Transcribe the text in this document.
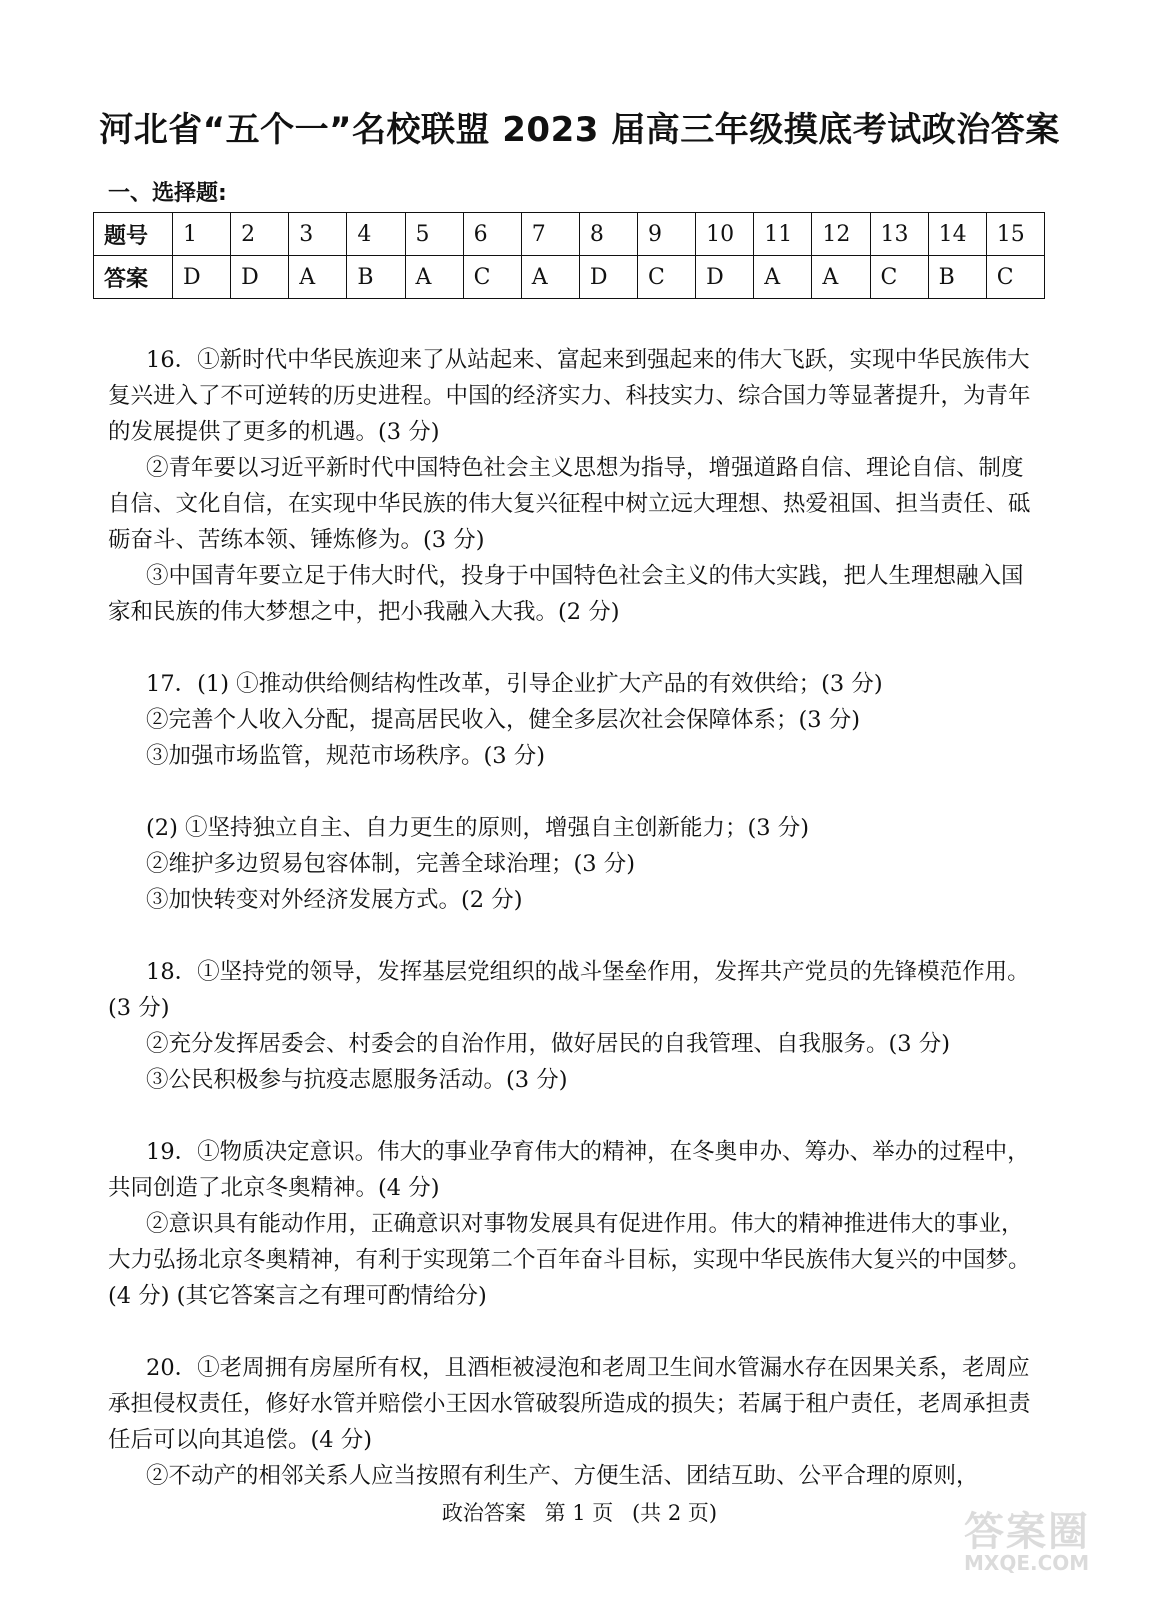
河北省“五个一”名校联盟 2023 届高三年级摸底考试政治答案
一、选择题:
题号	1	2	3	4	5	6	7	8	9	10	11	12	13	14	15
答案	D	D	A	B	A	C	A	D	C	D	A	A	C	B	C

16．①新时代中华民族迎来了从站起来、富起来到强起来的伟大飞跃，实现中华民族伟大复兴进入了不可逆转的历史进程。中国的经济实力、科技实力、综合国力等显著提升，为青年的发展提供了更多的机遇。(3 分)

②青年要以习近平新时代中国特色社会主义思想为指导，增强道路自信、理论自信、制度自信、文化自信，在实现中华民族的伟大复兴征程中树立远大理想、热爱祖国、担当责任、砥砺奋斗、苦练本领、锤炼修为。(3 分)

③中国青年要立足于伟大时代，投身于中国特色社会主义的伟大实践，把人生理想融入国家和民族的伟大梦想之中，把小我融入大我。(2 分)

17．(1) ①推动供给侧结构性改革，引导企业扩大产品的有效供给；(3 分)

②完善个人收入分配，提高居民收入，健全多层次社会保障体系；(3 分)

③加强市场监管，规范市场秩序。(3 分)

(2) ①坚持独立自主、自力更生的原则，增强自主创新能力；(3 分)

②维护多边贸易包容体制，完善全球治理；(3 分)

③加快转变对外经济发展方式。(2 分)

18．①坚持党的领导，发挥基层党组织的战斗堡垒作用，发挥共产党员的先锋模范作用。(3 分)

②充分发挥居委会、村委会的自治作用，做好居民的自我管理、自我服务。(3 分)

③公民积极参与抗疫志愿服务活动。(3 分)

19．①物质决定意识。伟大的事业孕育伟大的精神，在冬奥申办、筹办、举办的过程中，共同创造了北京冬奥精神。(4 分)

②意识具有能动作用，正确意识对事物发展具有促进作用。伟大的精神推进伟大的事业，大力弘扬北京冬奥精神，有利于实现第二个百年奋斗目标，实现中华民族伟大复兴的中国梦。(4 分) (其它答案言之有理可酌情给分)

20．①老周拥有房屋所有权，且酒柜被浸泡和老周卫生间水管漏水存在因果关系，老周应承担侵权责任，修好水管并赔偿小王因水管破裂所造成的损失；若属于租户责任，老周承担责任后可以向其追偿。(4 分)

②不动产的相邻关系人应当按照有利生产、方便生活、团结互助、公平合理的原则，

政治答案 第 1 页 (共 2 页)	答案圈
MXQE.COM
